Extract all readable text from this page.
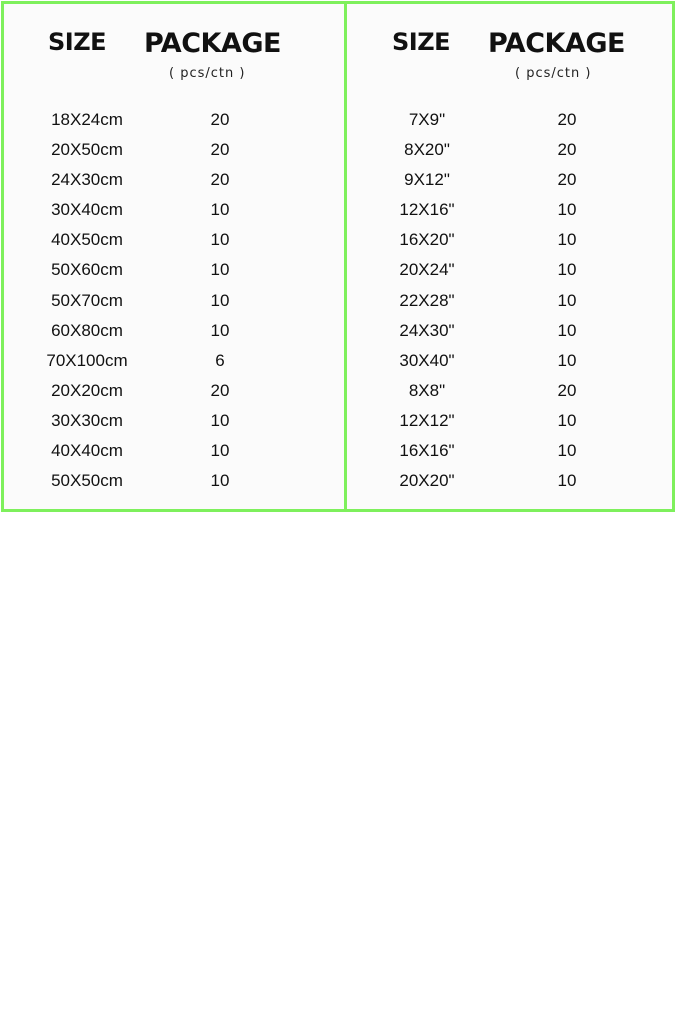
SIZE PACKAGE
( pcs/ctn )
18X24cm	20
20X50cm	20
24X30cm	20
30X40cm	10
40X50cm	10
50X60cm	10
50X70cm	10
60X80cm	10
70X100cm	6
20X20cm	20
30X30cm	10
40X40cm	10
50X50cm	10
SIZE PACKAGE
( pcs/ctn )
7X9"	20
8X20"	20
9X12"	20
12X16"	10
16X20"	10
20X24"	10
22X28"	10
24X30"	10
30X40"	10
8X8"	20
12X12"	10
16X16"	10
20X20"	10
